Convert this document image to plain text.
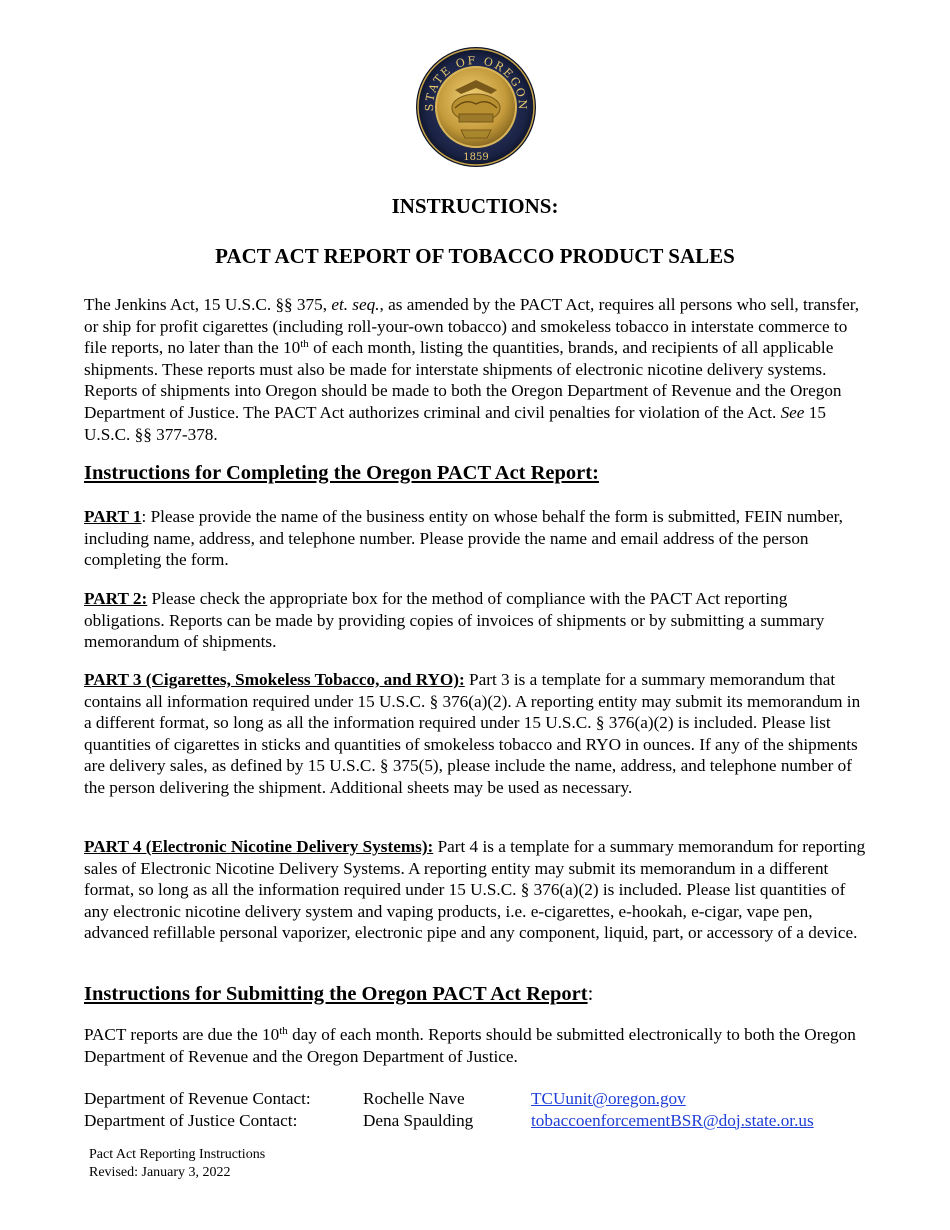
STATE OF OREGON
1859
INSTRUCTIONS:
PACT ACT REPORT OF TOBACCO PRODUCT SALES

The Jenkins Act, 15 U.S.C. §§ 375, et. seq., as amended by the PACT Act, requires all persons who sell, transfer, or ship for profit cigarettes (including roll-your-own tobacco) and smokeless tobacco in interstate commerce to file reports, no later than the 10th of each month, listing the quantities, brands, and recipients of all applicable shipments. These reports must also be made for interstate shipments of electronic nicotine delivery systems. Reports of shipments into Oregon should be made to both the Oregon Department of Revenue and the Oregon Department of Justice. The PACT Act authorizes criminal and civil penalties for violation of the Act. See 15 U.S.C. §§ 377-378.

Instructions for Completing the Oregon PACT Act Report:

PART 1: Please provide the name of the business entity on whose behalf the form is submitted, FEIN number, including name, address, and telephone number. Please provide the name and email address of the person completing the form.

PART 2: Please check the appropriate box for the method of compliance with the PACT Act reporting obligations. Reports can be made by providing copies of invoices of shipments or by submitting a summary memorandum of shipments.

PART 3 (Cigarettes, Smokeless Tobacco, and RYO): Part 3 is a template for a summary memorandum that contains all information required under 15 U.S.C. § 376(a)(2). A reporting entity may submit its memorandum in a different format, so long as all the information required under 15 U.S.C. § 376(a)(2) is included. Please list quantities of cigarettes in sticks and quantities of smokeless tobacco and RYO in ounces. If any of the shipments are delivery sales, as defined by 15 U.S.C. § 375(5), please include the name, address, and telephone number of the person delivering the shipment. Additional sheets may be used as necessary.

PART 4 (Electronic Nicotine Delivery Systems): Part 4 is a template for a summary memorandum for reporting sales of Electronic Nicotine Delivery Systems. A reporting entity may submit its memorandum in a different format, so long as all the information required under 15 U.S.C. § 376(a)(2) is included. Please list quantities of any electronic nicotine delivery system and vaping products, i.e. e-cigarettes, e-hookah, e-cigar, vape pen, advanced refillable personal vaporizer, electronic pipe and any component, liquid, part, or accessory of a device.

Instructions for Submitting the Oregon PACT Act Report:

PACT reports are due the 10th day of each month. Reports should be submitted electronically to both the Oregon Department of Revenue and the Oregon Department of Justice.

Department of Revenue Contact:	Rochelle Nave	TCUunit@oregon.gov
Department of Justice Contact:	Dena Spaulding	tobaccoenforcementBSR@doj.state.or.us
Pact Act Reporting Instructions
Revised: January 3, 2022
